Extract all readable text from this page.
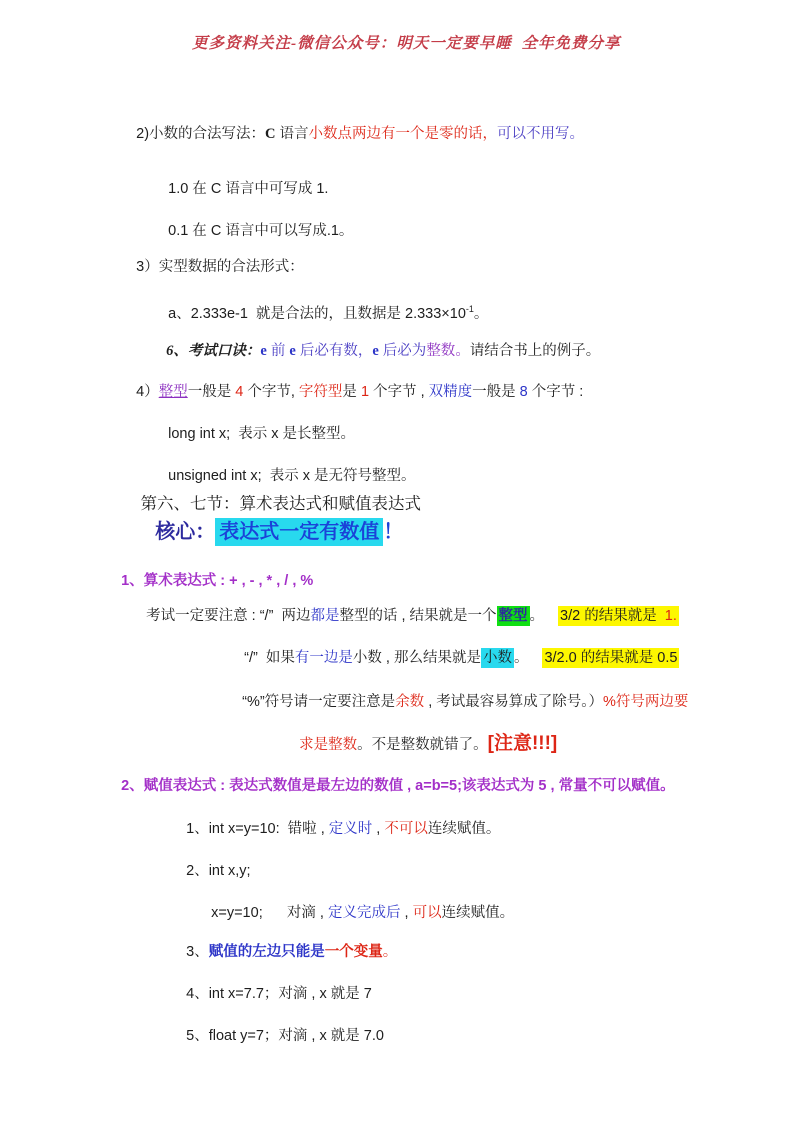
更多资料关注-微信公众号：明天一定要早睡  全年免费分享

2)小数的合法写法：C 语言小数点两边有一个是零的话，可以不用写。

1.0 在 C 语言中可写成 1.

0.1 在 C 语言中可以写成.1。

3）实型数据的合法形式：

a、2.333e-1  就是合法的，且数据是 $2.333\times 10^{-1}$。

6、考试口诀：e 前 e 后必有数，e 后必为整数。请结合书上的例子。

4）整型一般是 4 个字节, 字符型是 1 个字节 , 双精度一般是 8 个字节 :

long int x;  表示 x 是长整型。

unsigned int x;  表示 x 是无符号整型。

第六、七节：算术表达式和赋值表达式

核心： 表达式一定有数值 ！

1、算术表达式 : + , - , * , / , %

考试一定要注意 : “/”  两边都是整型的话 , 结果就是一个 整型 。 3/2 的结果就是 1.

“/”  如果有一边是小数 , 那么结果就是 小数 。 3/2.0 的结果就是 0.5

“%”符号请一定要注意是余数 , 考试最容易算成了除号。）%符号两边要

求是整数。不是整数就错了。[注意!!!]

2、赋值表达式 : 表达式数值是最左边的数值 , a=b=5;该表达式为 5 , 常量不可以赋值。

1、int x=y=10:  错啦 , 定义时 , 不可以连续赋值。

2、int x,y;

x=y=10;      对滴 , 定义完成后 , 可以连续赋值。

3、赋值的左边只能是一个变量。

4、int x=7.7；对滴 , x 就是 7

5、float y=7；对滴 , x 就是 7.0
